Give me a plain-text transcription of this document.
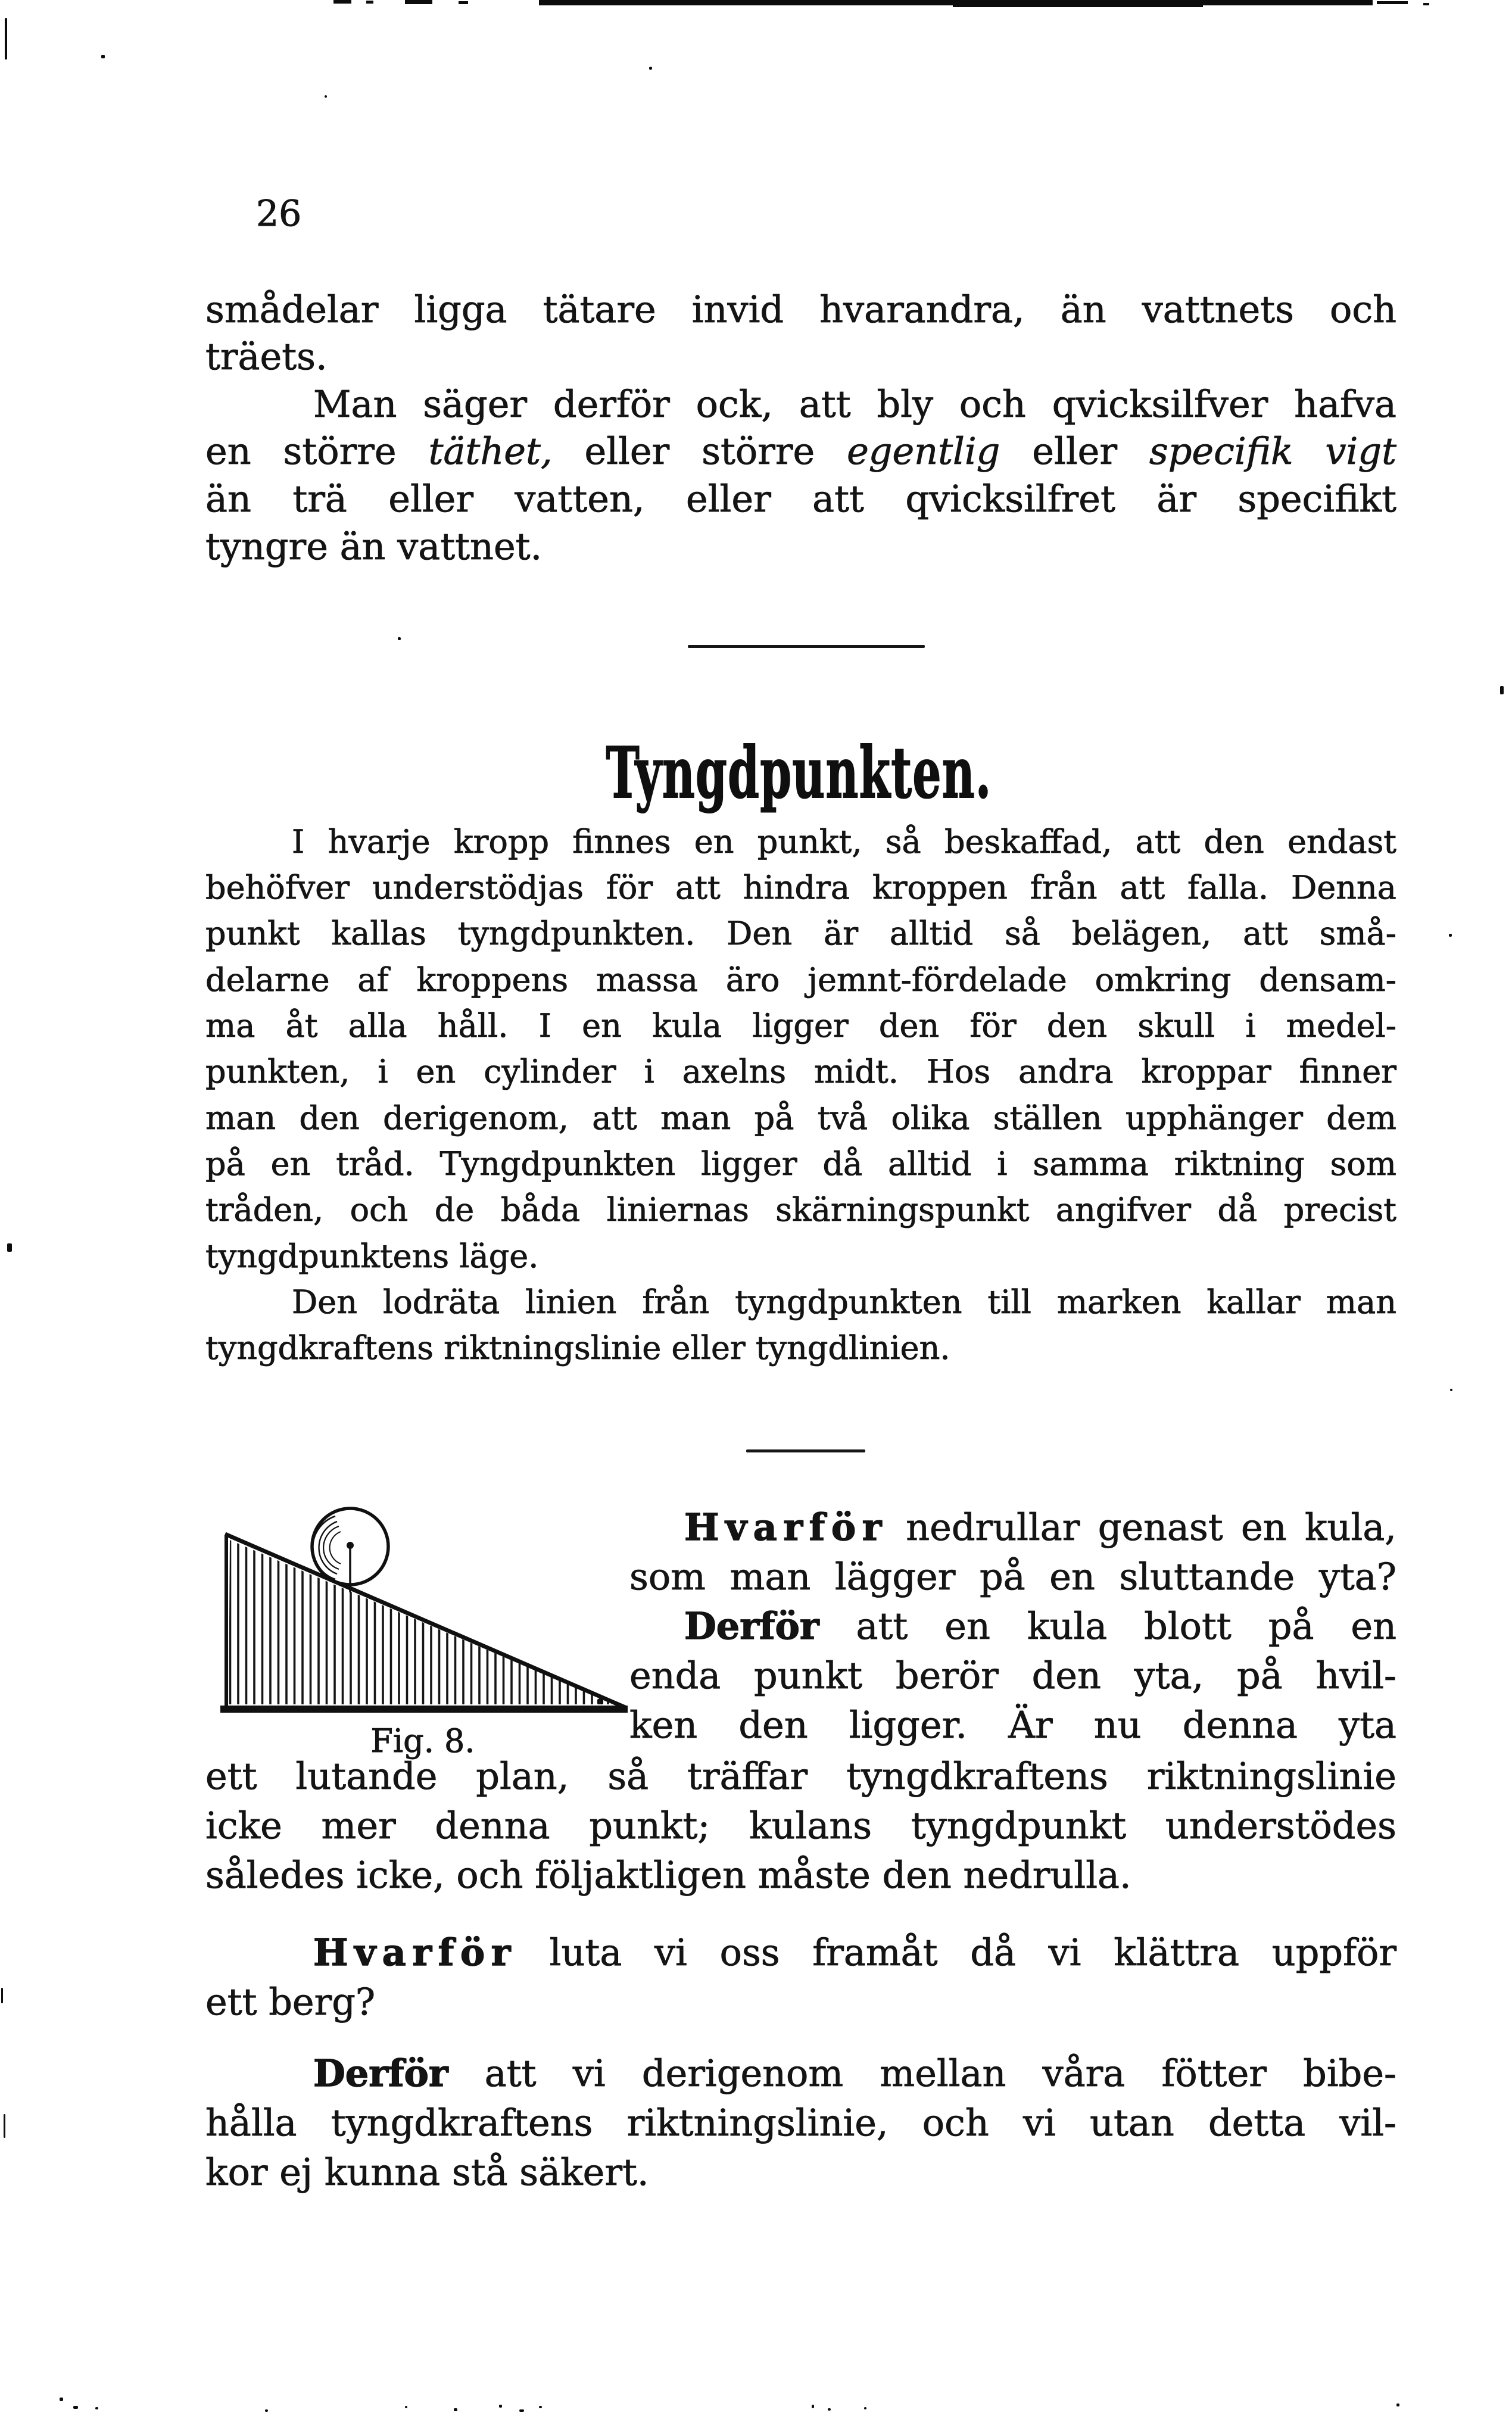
26
smådelar ligga tätare invid hvarandra, än vattnets och
träets.
Man säger derför ock, att bly och qvicksilfver hafva
en större täthet, eller större egentlig eller specifik vigt
än trä eller vatten, eller att qvicksilfret är specifikt
tyngre än vattnet.
Tyngdpunkten.
I hvarje kropp finnes en punkt, så beskaffad, att den endast
behöfver understödjas för att hindra kroppen från att falla. Denna
punkt kallas tyngdpunkten. Den är alltid så belägen, att små-
delarne af kroppens massa äro jemnt-fördelade omkring densam-
ma åt alla håll. I en kula ligger den för den skull i medel-
punkten, i en cylinder i axelns midt. Hos andra kroppar finner
man den derigenom, att man på två olika ställen upphänger dem
på en tråd. Tyngdpunkten ligger då alltid i samma riktning som
tråden, och de båda liniernas skärningspunkt angifver då precist
tyngdpunktens läge.
Den lodräta linien från tyngdpunkten till marken kallar man
tyngdkraftens riktningslinie eller tyngdlinien.
Fig. 8.
Hvarför nedrullar genast en kula,
som man lägger på en sluttande yta?
Derför att en kula blott på en
enda punkt berör den yta, på hvil-
ken den ligger. Är nu denna yta
ett lutande plan, så träffar tyngdkraftens riktningslinie
icke mer denna punkt; kulans tyngdpunkt understödes
således icke, och följaktligen måste den nedrulla.
Hvarför luta vi oss framåt då vi klättra uppför
ett berg?
Derför att vi derigenom mellan våra fötter bibe-
hålla tyngdkraftens riktningslinie, och vi utan detta vil-
kor ej kunna stå säkert.
